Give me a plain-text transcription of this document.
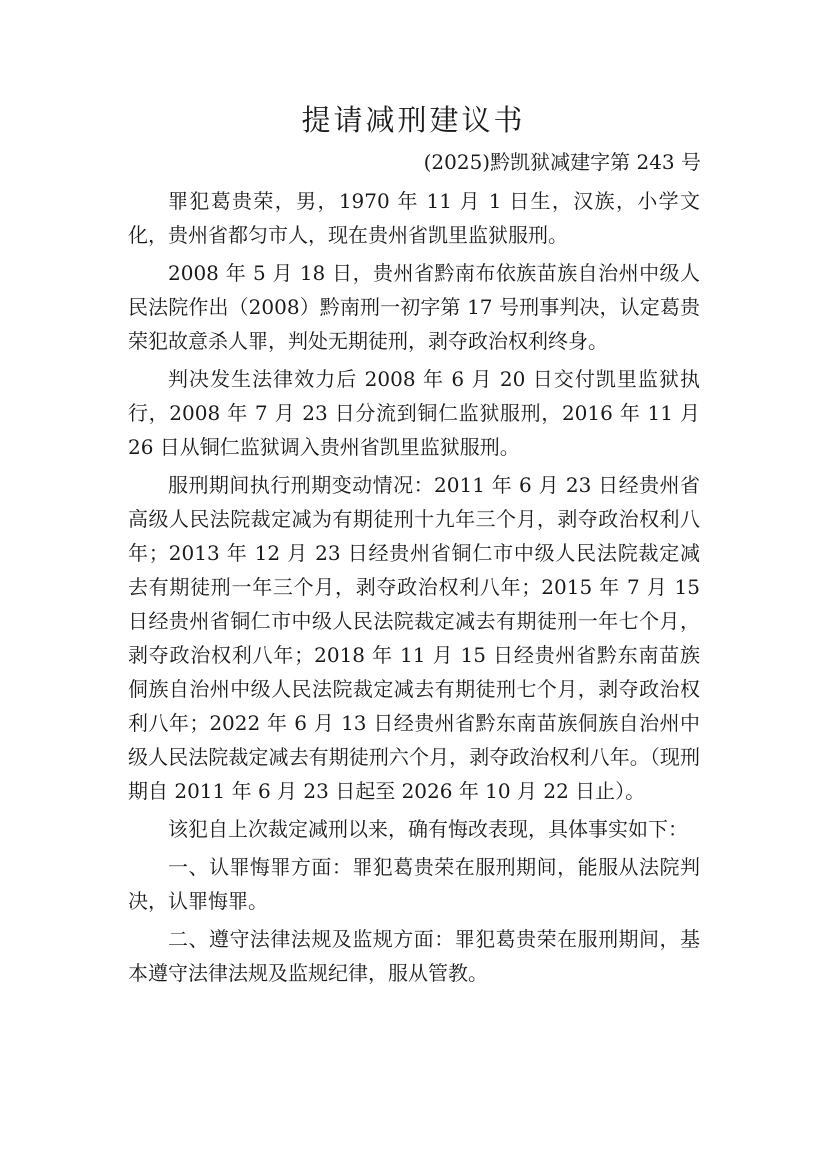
提请减刑建议书
(2025)黔凯狱减建字第 243 号

罪犯葛贵荣，男，1970 年 11 月 1 日生，汉族，小学文化，贵州省都匀市人，现在贵州省凯里监狱服刑。

2008 年 5 月 18 日，贵州省黔南布依族苗族自治州中级人民法院作出（2008）黔南刑一初字第 17 号刑事判决，认定葛贵荣犯故意杀人罪，判处无期徒刑，剥夺政治权利终身。

判决发生法律效力后 2008 年 6 月 20 日交付凯里监狱执行，2008 年 7 月 23 日分流到铜仁监狱服刑，2016 年 11 月 26 日从铜仁监狱调入贵州省凯里监狱服刑。

服刑期间执行刑期变动情况：2011 年 6 月 23 日经贵州省高级人民法院裁定减为有期徒刑十九年三个月，剥夺政治权利八年；2013 年 12 月 23 日经贵州省铜仁市中级人民法院裁定减去有期徒刑一年三个月，剥夺政治权利八年；2015 年 7 月 15 日经贵州省铜仁市中级人民法院裁定减去有期徒刑一年七个月，剥夺政治权利八年；2018 年 11 月 15 日经贵州省黔东南苗族侗族自治州中级人民法院裁定减去有期徒刑七个月，剥夺政治权利八年；2022 年 6 月 13 日经贵州省黔东南苗族侗族自治州中级人民法院裁定减去有期徒刑六个月，剥夺政治权利八年。（现刑期自 2011 年 6 月 23 日起至 2026 年 10 月 22 日止）。

该犯自上次裁定减刑以来，确有悔改表现，具体事实如下：

一、认罪悔罪方面：罪犯葛贵荣在服刑期间，能服从法院判决，认罪悔罪。

二、遵守法律法规及监规方面：罪犯葛贵荣在服刑期间，基本遵守法律法规及监规纪律，服从管教。
